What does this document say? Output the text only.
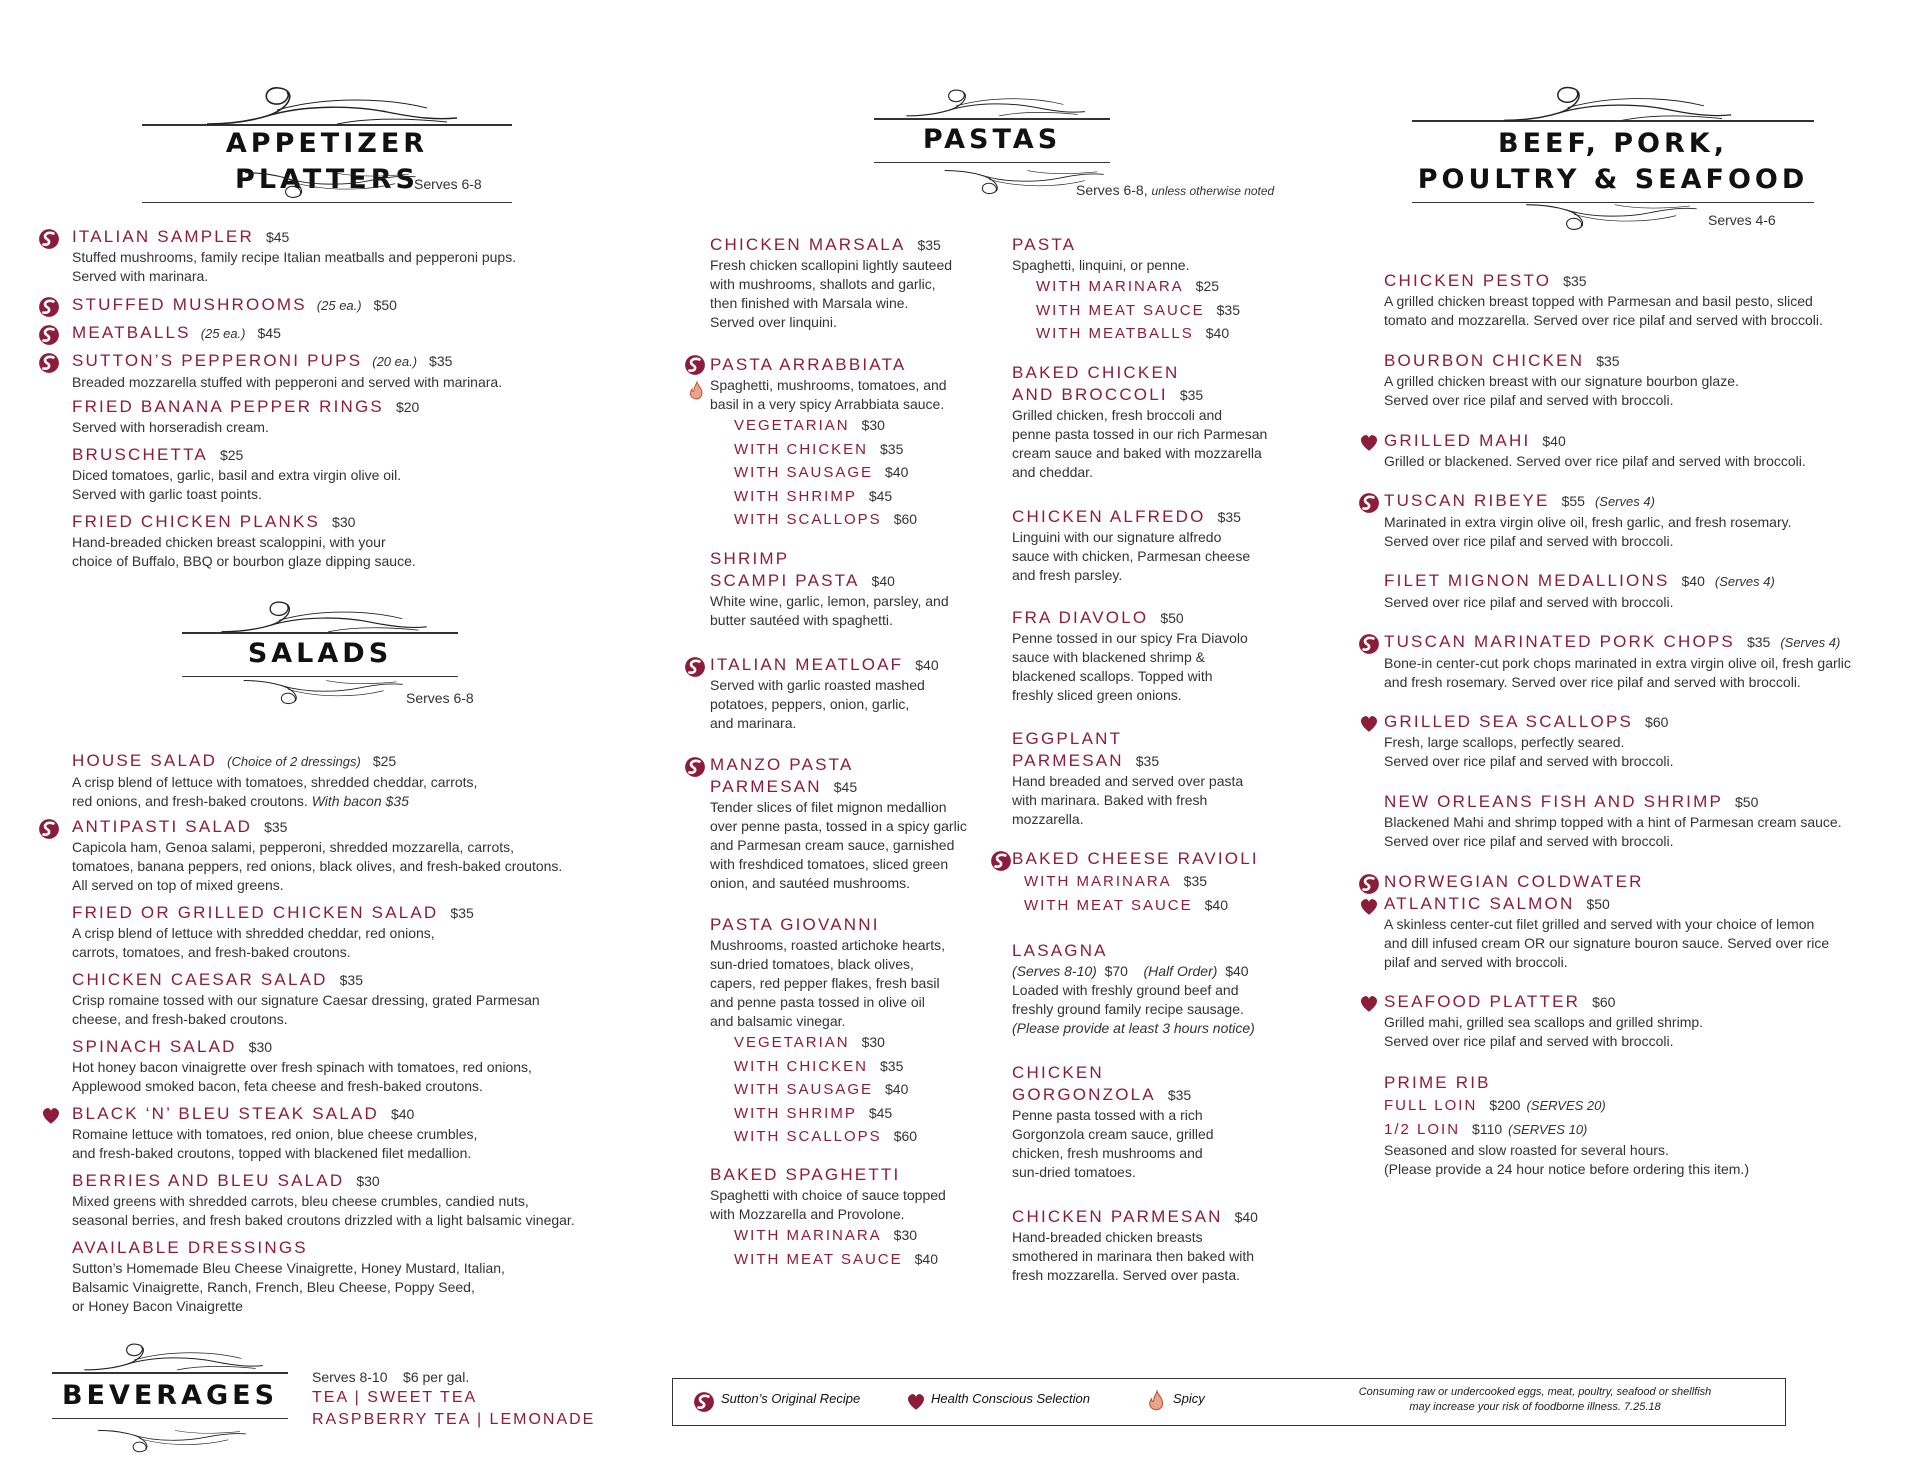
APPETIZER PLATTERS
Serves 6-8
ITALIAN SAMPLER $45
Stuffed mushrooms, family recipe Italian meatballs and pepperoni pups.
Served with marinara.
STUFFED MUSHROOMS (25 ea.) $50
MEATBALLS (25 ea.) $45
SUTTON’S PEPPERONI PUPS (20 ea.) $35
Breaded mozzarella stuffed with pepperoni and served with marinara.
FRIED BANANA PEPPER RINGS $20
Served with horseradish cream.
BRUSCHETTA $25
Diced tomatoes, garlic, basil and extra virgin olive oil.
Served with garlic toast points.
FRIED CHICKEN PLANKS $30
Hand-breaded chicken breast scaloppini, with your
choice of Buffalo, BBQ or bourbon glaze dipping sauce.
SALADS
Serves 6-8
HOUSE SALAD (Choice of 2 dressings) $25
A crisp blend of lettuce with tomatoes, shredded cheddar, carrots,
red onions, and fresh-baked croutons. With bacon $35
ANTIPASTI SALAD $35
Capicola ham, Genoa salami, pepperoni, shredded mozzarella, carrots,
tomatoes, banana peppers, red onions, black olives, and fresh-baked croutons.
All served on top of mixed greens.
FRIED OR GRILLED CHICKEN SALAD $35
A crisp blend of lettuce with shredded cheddar, red onions,
carrots, tomatoes, and fresh-baked croutons.
CHICKEN CAESAR SALAD $35
Crisp romaine tossed with our signature Caesar dressing, grated Parmesan
cheese, and fresh-baked croutons.
SPINACH SALAD $30
Hot honey bacon vinaigrette over fresh spinach with tomatoes, red onions,
Applewood smoked bacon, feta cheese and fresh-baked croutons.
BLACK ‘N’ BLEU STEAK SALAD $40
Romaine lettuce with tomatoes, red onion, blue cheese crumbles,
and fresh-baked croutons, topped with blackened filet medallion.
BERRIES AND BLEU SALAD $30
Mixed greens with shredded carrots, bleu cheese crumbles, candied nuts,
seasonal berries, and fresh baked croutons drizzled with a light balsamic vinegar.
AVAILABLE DRESSINGS
Sutton’s Homemade Bleu Cheese Vinaigrette, Honey Mustard, Italian,
Balsamic Vinaigrette, Ranch, French, Bleu Cheese, Poppy Seed,
or Honey Bacon Vinaigrette
BEVERAGES
Serves 8-10 $6 per gal.
TEA | SWEET TEA
RASPBERRY TEA | LEMONADE
PASTAS
Serves 6-8, unless otherwise noted
CHICKEN MARSALA $35
Fresh chicken scallopini lightly sauteed
with mushrooms, shallots and garlic,
then finished with Marsala wine.
Served over linquini.
PASTA ARRABBIATA
Spaghetti, mushrooms, tomatoes, and
basil in a very spicy Arrabbiata sauce.
VEGETARIAN $30
WITH CHICKEN $35
WITH SAUSAGE $40
WITH SHRIMP $45
WITH SCALLOPS $60
SHRIMP
SCAMPI PASTA $40
White wine, garlic, lemon, parsley, and
butter sautéed with spaghetti.
ITALIAN MEATLOAF $40
Served with garlic roasted mashed
potatoes, peppers, onion, garlic,
and marinara.
MANZO PASTA
PARMESAN $45
Tender slices of filet mignon medallion
over penne pasta, tossed in a spicy garlic
and Parmesan cream sauce, garnished
with freshdiced tomatoes, sliced green
onion, and sautéed mushrooms.
PASTA GIOVANNI
Mushrooms, roasted artichoke hearts,
sun-dried tomatoes, black olives,
capers, red pepper flakes, fresh basil
and penne pasta tossed in olive oil
and balsamic vinegar.
VEGETARIAN $30
WITH CHICKEN $35
WITH SAUSAGE $40
WITH SHRIMP $45
WITH SCALLOPS $60
BAKED SPAGHETTI
Spaghetti with choice of sauce topped
with Mozzarella and Provolone.
WITH MARINARA $30
WITH MEAT SAUCE $40
PASTA
Spaghetti, linquini, or penne.
WITH MARINARA $25
WITH MEAT SAUCE $35
WITH MEATBALLS $40
BAKED CHICKEN
AND BROCCOLI $35
Grilled chicken, fresh broccoli and
penne pasta tossed in our rich Parmesan
cream sauce and baked with mozzarella
and cheddar.
CHICKEN ALFREDO $35
Linguini with our signature alfredo
sauce with chicken, Parmesan cheese
and fresh parsley.
FRA DIAVOLO $50
Penne tossed in our spicy Fra Diavolo
sauce with blackened shrimp &
blackened scallops. Topped with
freshly sliced green onions.
EGGPLANT
PARMESAN $35
Hand breaded and served over pasta
with marinara. Baked with fresh
mozzarella.
BAKED CHEESE RAVIOLI
WITH MARINARA $35
WITH MEAT SAUCE $40
LASAGNA
(Serves 8-10) $70 (Half Order) $40
Loaded with freshly ground beef and
freshly ground family recipe sausage.
(Please provide at least 3 hours notice)
CHICKEN
GORGONZOLA $35
Penne pasta tossed with a rich
Gorgonzola cream sauce, grilled
chicken, fresh mushrooms and
sun-dried tomatoes.
CHICKEN PARMESAN $40
Hand-breaded chicken breasts
smothered in marinara then baked with
fresh mozzarella. Served over pasta.
BEEF, PORK,
POULTRY & SEAFOOD
Serves 4-6
CHICKEN PESTO $35
A grilled chicken breast topped with Parmesan and basil pesto, sliced
tomato and mozzarella. Served over rice pilaf and served with broccoli.
BOURBON CHICKEN $35
A grilled chicken breast with our signature bourbon glaze.
Served over rice pilaf and served with broccoli.
GRILLED MAHI $40
Grilled or blackened. Served over rice pilaf and served with broccoli.
TUSCAN RIBEYE $55 (Serves 4)
Marinated in extra virgin olive oil, fresh garlic, and fresh rosemary.
Served over rice pilaf and served with broccoli.
FILET MIGNON MEDALLIONS $40 (Serves 4)
Served over rice pilaf and served with broccoli.
TUSCAN MARINATED PORK CHOPS $35 (Serves 4)
Bone-in center-cut pork chops marinated in extra virgin olive oil, fresh garlic
and fresh rosemary. Served over rice pilaf and served with broccoli.
GRILLED SEA SCALLOPS $60
Fresh, large scallops, perfectly seared.
Served over rice pilaf and served with broccoli.
NEW ORLEANS FISH AND SHRIMP $50
Blackened Mahi and shrimp topped with a hint of Parmesan cream sauce.
Served over rice pilaf and served with broccoli.
NORWEGIAN COLDWATER
ATLANTIC SALMON $50
A skinless center-cut filet grilled and served with your choice of lemon
and dill infused cream OR our signature bouron sauce. Served over rice
pilaf and served with broccoli.
SEAFOOD PLATTER $60
Grilled mahi, grilled sea scallops and grilled shrimp.
Served over rice pilaf and served with broccoli.
PRIME RIB
FULL LOIN $200 (SERVES 20)
1/2 LOIN $110 (SERVES 10)
Seasoned and slow roasted for several hours.
(Please provide a 24 hour notice before ordering this item.)
Sutton’s Original Recipe	Health Conscious Selection	Spicy	Consuming raw or undercooked eggs, meat, poultry, seafood or shellfish
may increase your risk of foodborne illness. 7.25.18
